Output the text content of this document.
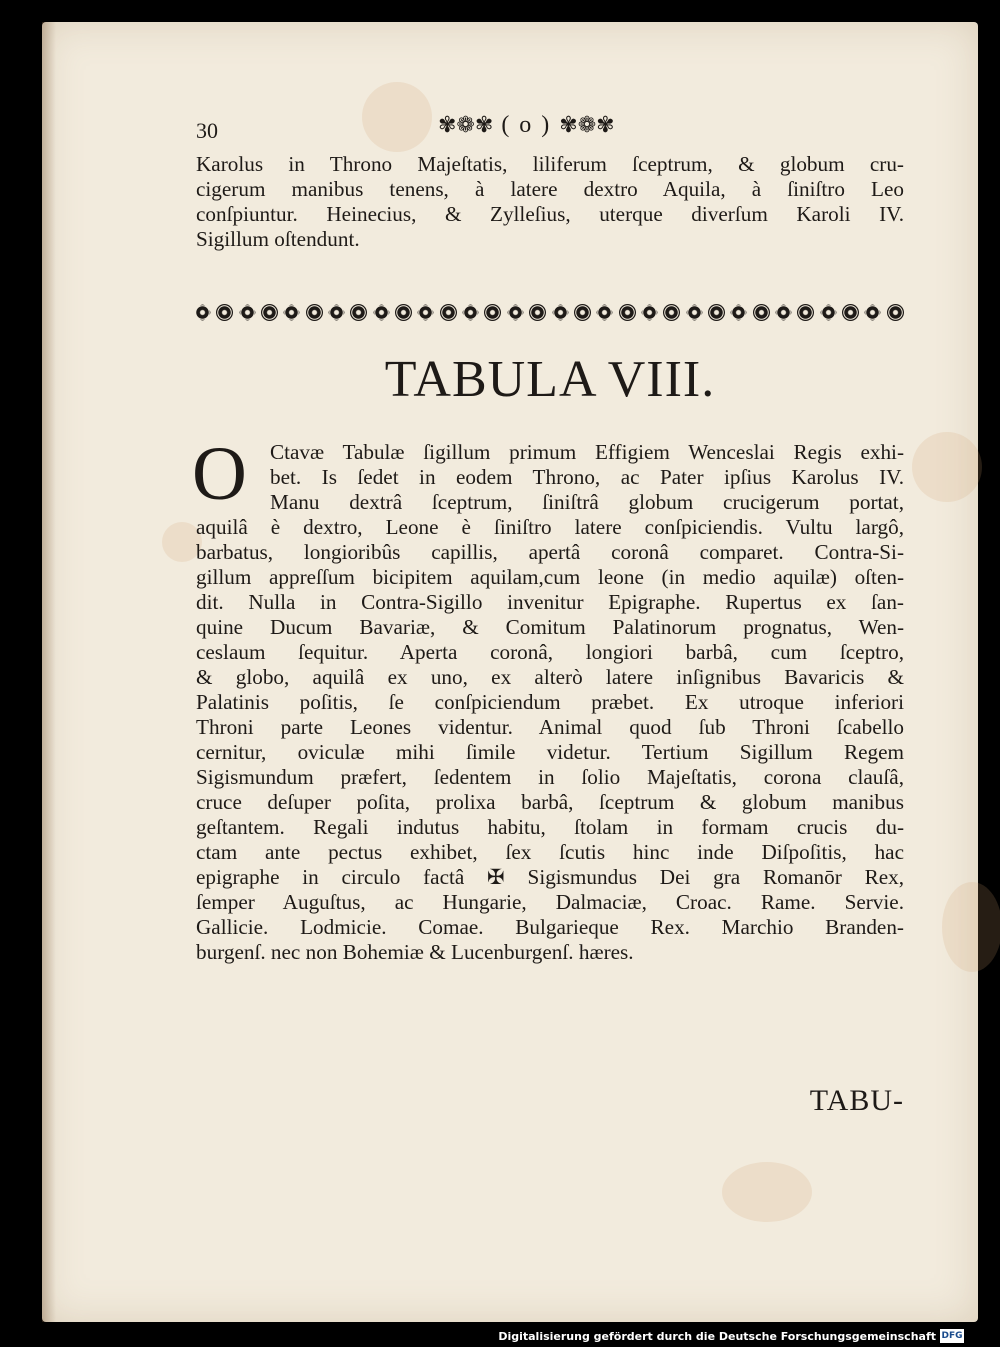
30	✾❁✾ ( o ) ✾❁✾
Karolus in Throno Majeſtatis, liliferum ſceptrum, & globum cru-
cigerum manibus tenens, à latere dextro Aquila, à ſiniſtro Leo
conſpiuntur. Heinecius, & Zylleſius, uterque diverſum Karoli IV.
Sigillum oſtendunt.
TABULA VIII.
O	Ctavæ Tabulæ ſigillum primum Effigiem Wenceslai Regis exhi-
bet. Is ſedet in eodem Throno, ac Pater ipſius Karolus IV.
Manu dextrâ ſceptrum, ſiniſtrâ globum crucigerum portat,
aquilâ è dextro, Leone è ſiniſtro latere conſpiciendis. Vultu largô,
barbatus, longioribûs capillis, apertâ coronâ comparet. Contra-Si-
gillum appreſſum bicipitem aquilam,cum leone (in medio aquilæ) oſten-
dit. Nulla in Contra-Sigillo invenitur Epigraphe. Rupertus ex ſan-
quine Ducum Bavariæ, & Comitum Palatinorum prognatus, Wen-
ceslaum ſequitur. Aperta coronâ, longiori barbâ, cum ſceptro,
& globo, aquilâ ex uno, ex alterò latere inſignibus Bavaricis &
Palatinis poſitis, ſe conſpiciendum præbet. Ex utroque inferiori
Throni parte Leones videntur. Animal quod ſub Throni ſcabello
cernitur, oviculæ mihi ſimile videtur. Tertium Sigillum Regem
Sigismundum præfert, ſedentem in ſolio Majeſtatis, corona clauſâ,
cruce deſuper poſita, prolixa barbâ, ſceptrum & globum manibus
geſtantem. Regali indutus habitu, ſtolam in formam crucis du-
ctam ante pectus exhibet, ſex ſcutis hinc inde Diſpoſitis, hac
epigraphe in circulo factâ ✠ Sigismundus Dei gra Romanōr Rex,
ſemper Auguſtus, ac Hungarie, Dalmaciæ, Croac. Rame. Servie.
Gallicie. Lodmicie. Comae. Bulgarieque Rex. Marchio Branden-
burgenſ. nec non Bohemiæ & Lucenburgenſ. hæres.
TABU-
Digitalisierung gefördert durch die Deutsche Forschungsgemeinschaft DFG
